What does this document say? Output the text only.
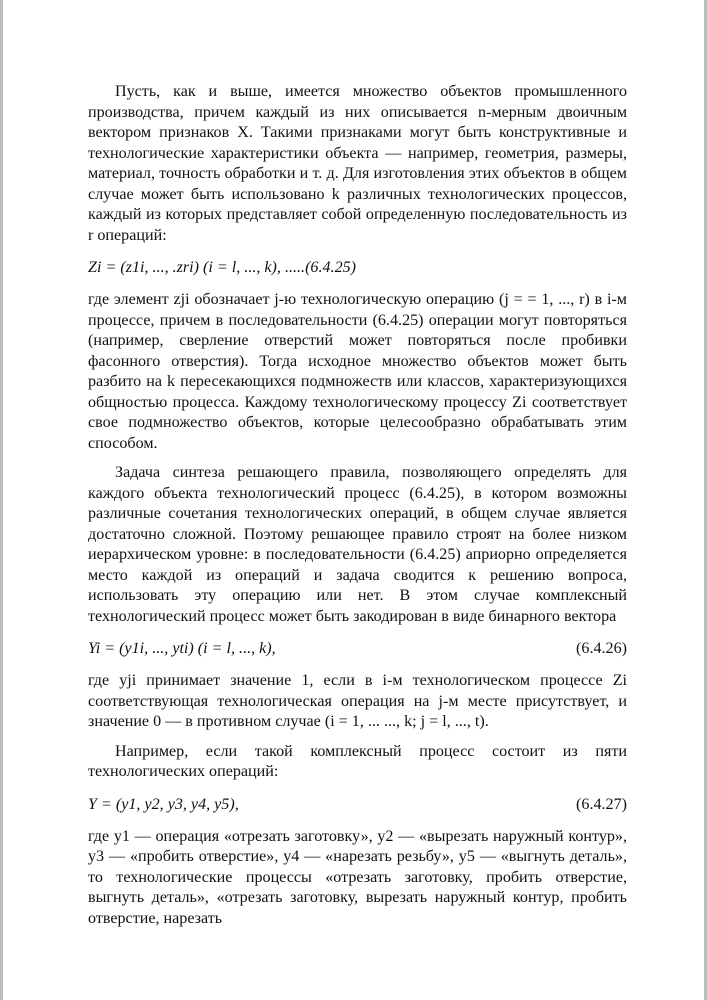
Пусть, как и выше, имеется множество объектов промышленного производства, причем каждый из них описывается n-мерным двоичным вектором признаков X. Такими признаками могут быть конструктивные и технологические характеристики объекта — например, геометрия, размеры, материал, точность обработки и т. д. Для изготовления этих объектов в общем случае может быть использовано k различных технологических процессов, каждый из которых представляет собой определенную последовательность из r операций:

Zi = (z1i, ..., .zri) (i = l, ..., k), .....(6.4.25)

где элемент zji обозначает j-ю технологическую операцию (j = = 1, ..., r) в i-м процессе, причем в последовательности (6.4.25) операции могут повторяться (например, сверление отверстий может повторяться после пробивки фасонного отверстия). Тогда исходное множество объектов может быть разбито на k пересекающихся подмножеств или классов, характеризующихся общностью процесса. Каждому технологическому процессу Zi соответствует свое подмножество объектов, которые целесообразно обрабатывать этим способом.

Задача синтеза решающего правила, позволяющего определять для каждого объекта технологический процесс (6.4.25), в котором возможны различные сочетания технологических операций, в общем случае является достаточно сложной. Поэтому решающее правило строят на более низком иерархическом уровне: в последовательности (6.4.25) априорно определяется место каждой из операций и задача сводится к решению вопроса, использовать эту операцию или нет. В этом случае комплексный технологический процесс может быть закодирован в виде бинарного вектора

Yi = (y1i, ..., yti) (i = l, ..., k),	(6.4.26)

где yji принимает значение 1, если в i-м технологическом процессе Zi соответствующая технологическая операция на j-м месте присутствует, и значение 0 — в противном случае (i = 1, ... ..., k; j = l, ..., t).

Например, если такой комплексный процесс состоит из пяти технологических операций:

Y = (y1, y2, y3, y4, y5),	(6.4.27)

где y1 — операция «отрезать заготовку», y2 — «вырезать наружный контур», y3 — «пробить отверстие», y4 — «нарезать резьбу», y5 — «выгнуть деталь», то технологические процессы «отрезать заготовку, пробить отверстие, выгнуть деталь», «отрезать заготовку, вырезать наружный контур, пробить отверстие, нарезать
